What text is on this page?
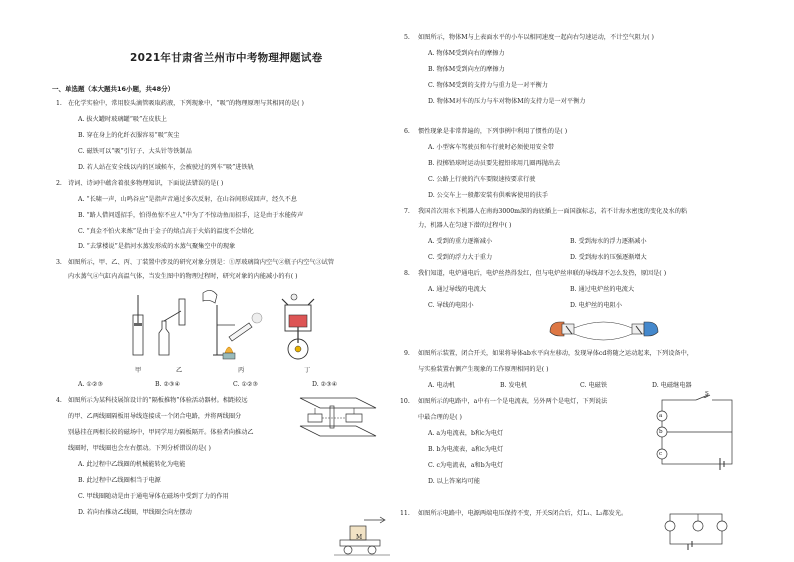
2021年甘肃省兰州市中考物理押题试卷
一、单选题（本大题共16小题，共48分）
1. 在化学实验中，常用胶头滴管吸取药液，下列现象中，“吸”的物理原理与其相同的是( )
A. 拔火罐时玻璃罐“吸”在皮肤上
B. 穿在身上的化纤衣服容易“吸”灰尘
C. 磁铁可以“吸”引钉子、大头针等铁制品
D. 若人站在安全线以内的区域候车，会被驶过的列车“吸”进铁轨
2. 诗词、诗词中蕴含着很多物理知识，下面说法错误的是( )
A. “长啸一声，山鸣谷应”是指声音通过多次反射，在山谷间形成回声，经久不息
B. “路人借问遥招手，怕得鱼惊不应人”中为了不惊动鱼而招手，这是由于水能传声
C. “真金不怕火来炼”是由于金子的熔点高于火焰的温度不会熔化
D. “去掌楼说”是指河水蒸发形成的水蒸气聚集空中的现象
3. 如图所示，甲、乙、丙、丁装置中涉及的研究对象分别是：①厚玻璃筒内空气②瓶子内空气③试管
内水蒸气④气缸内高温气体，当发生图中的物理过程时，研究对象的内能减小的有( )
甲	乙	丙	丁
A. ①②③	B. ②③④	C. ①②③	D. ②③④
4. 如图所示为某科技展馆设计的“隔板推物”体验活动器材。相距较远
的甲、乙两线圈隔板用导线连接成一个闭合电路，并将两线圈分
别悬挂在两根长较的磁场中，甲同学用力隔板隔开。体验者向推动乙
线圈时，甲线圈也会左右摆动。下列分析错误的是( )
A. 此过程中乙线圈的机械能转化为电能
B. 此过程中乙线圈相当于电源
C. 甲线圈随动是由于通电导体在磁场中受到了力的作用
D. 若向右推动乙线圈，甲线圈会向左摆动
M
5. 如图所示，物体M与上表面水平的小车以相同速度一起向右匀速运动，不计空气阻力( )
A. 物体M受到向右的摩擦力
B. 物体M受到向左的摩擦力
C. 物体M受到的支持力与重力是一对平衡力
D. 物体M对车的压力与车对物体M的支持力是一对平衡力
6. 惯性现象是非常普遍的，下列事例中利用了惯性的是( )
A. 小型客车驾驶员和车行驶时必须使用安全带
B. 投掷铅球时运动员要先握铅球用几圈再抛出去
C. 公路上行驶的汽车要限速按要求行驶
D. 公交车上一般都安装有供乘客使用的扶手
7. 我国首次用水下机器人在南海3000m深的海底插上一面国旗标志，若不计海水密度的变化及水的粘
力，机器人在匀速下潜的过程中( )
A. 受到的重力逐渐减小	B. 受到海水的浮力逐渐减小
C. 受到的浮力大于重力	D. 受到海水的压强逐渐增大
8. 我们知道，电炉通电后，电炉丝热得发红，但与电炉丝串联的导线却不怎么发热，原因是( )
A. 通过导线的电流大	B. 通过电炉丝的电流大
C. 导线的电阻小	D. 电炉丝的电阻小
9. 如图所示装置，闭合开关，如果将导体ab水平向左移动，发现导体cd将随之运动起来，下列设备中，
与实验装置右侧产生现象的工作原理相同的是( )
A. 电动机	B. 发电机	C. 电磁铁	D. 电磁继电器
10. 如图所示的电路中，a中有一个是电流表，另外两个是电灯，下列说法
中最合理的是( )
A. a为电流表，b和c为电灯
B. b为电流表，a和c为电灯
C. c为电流表，a和b为电灯
D. 以上答案均可能
a
b
c
S
11. 如图所示电路中，电源两端电压保持不变，开关S闭合后，灯L₁、L₂都发光。
